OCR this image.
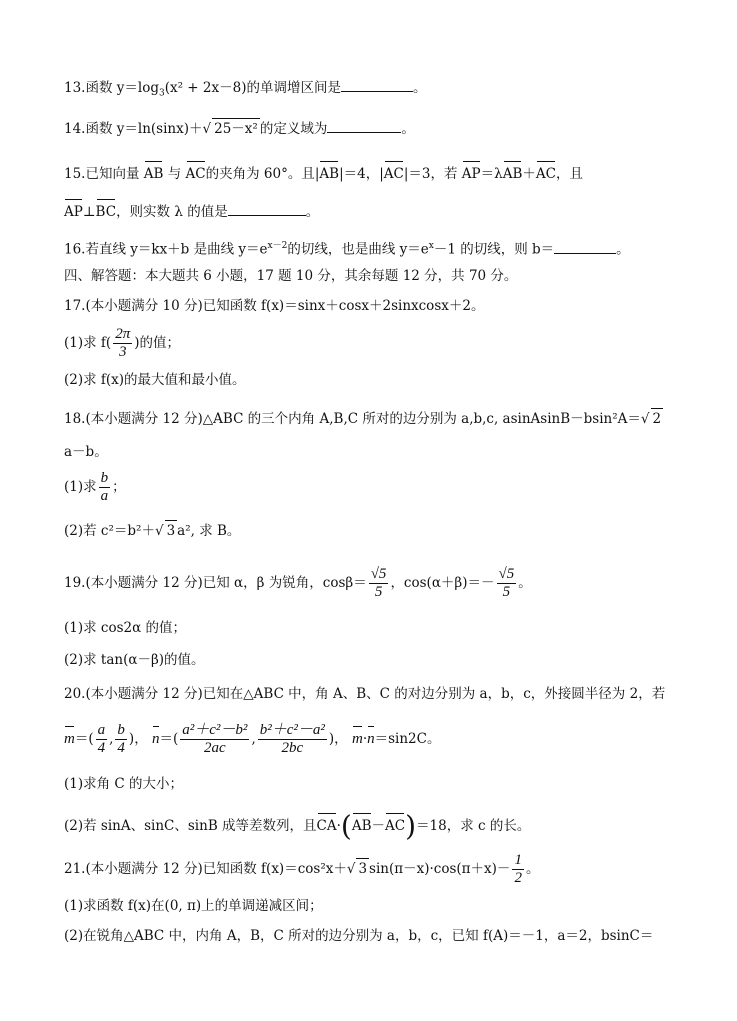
13.函数 $y=\log_3(x^2 + 2x-8)$的单调增区间是	。
14.函数 y＝ln(sinx)＋√ 25－x² 的定义域为	。
15.已知向量 AB 与 AC的夹角为 60°。且|AB|＝4，|AC|＝3，若 AP＝λAB＋AC，且
AP⊥BC，则实数 λ 的值是	。
16.若直线 y＝kx＋b 是曲线 $y=e^{x-2}$的切线，也是曲线 $y=e^x-1$ 的切线，则 b＝	。
四、解答题：本大题共 6 小题，17 题 10 分，其余每题 12 分，共 70 分。
17.(本小题满分 10 分)已知函数 f(x)＝sinx＋cosx＋2sinxcosx＋2。
(1)求 $f( \frac{2\pi}{3}$ )的值；
(2)求 f(x)的最大值和最小值。
18.(本小题满分 12 分)△ABC 的三个内角 A,B,C 所对的边分别为 a,b,c, asinAsinB－bsin²A＝√ 2
a－b。
(1)求 $\frac{b}{a}$ ；
(2)若 c²＝b²＋√ 3 a², 求 B。
19.(本小题满分 12 分)已知 α，β 为锐角，$\cos\beta= \frac{√5}{5}$ ，$\cos(\alpha+\beta)=- \frac{√5}{5}$ 。
(1)求 cos2α 的值；
(2)求 tan(α－β)的值。
20.(本小题满分 12 分)已知在△ABC 中，角 A、B、C 的对边分别为 a，b，c，外接圆半径为 2，若
$m=( \frac{a}{4}$ , $\frac{b}{4}$ )， $n=( \frac{\text{a²＋c²－b²}}{2ac}$ , $\frac{\text{b²＋c²－a²}}{2bc}$ )， m·n＝sin2C。
(1)求角 C 的大小；
(2)若 sinA、sinC、sinB 成等差数列，且CA·(AB－AC)＝18，求 c 的长。
21.(本小题满分 12 分)已知函数 f(x)＝cos²x＋√ 3 $\sin(\pi-x)\cdot\cos(\pi+x)- \frac{1}{2}$ 。
(1)求函数 f(x)在(0, π)上的单调递减区间；
(2)在锐角△ABC 中，内角 A，B，C 所对的边分别为 a，b，c，已知 f(A)＝－1，a＝2，bsinC＝
